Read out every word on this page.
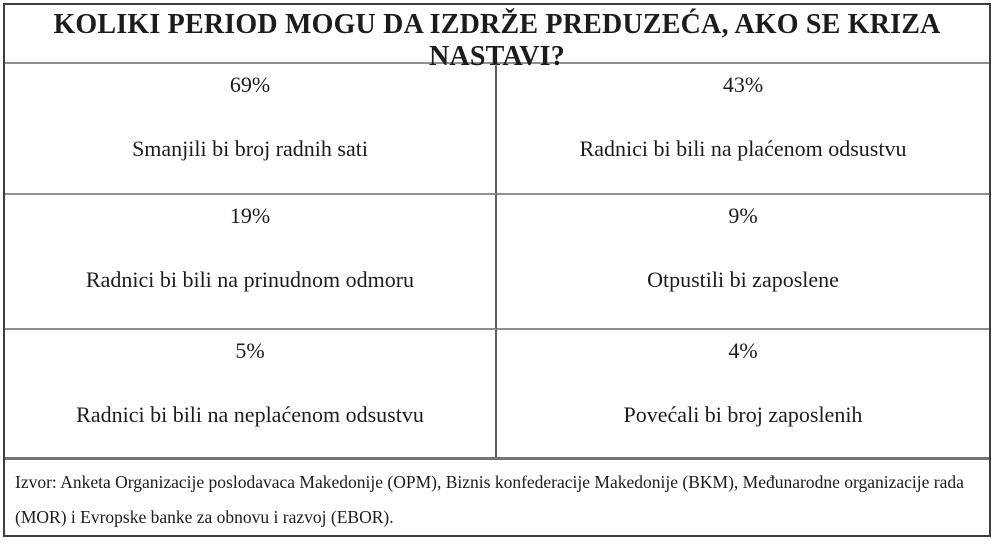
KOLIKI PERIOD MOGU DA IZDRŽE PREDUZEĆA, AKO SE KRIZA NASTAVI?
69%
Smanjili bi broj radnih sati
43%
Radnici bi bili na plaćenom odsustvu
19%
Radnici bi bili na prinudnom odmoru
9%
Otpustili bi zaposlene
5%
Radnici bi bili na neplaćenom odsustvu
4%
Povećali bi broj zaposlenih
Izvor: Anketa Organizacije poslodavaca Makedonije (OPM), Biznis konfederacije Makedonije (BKM), Međunarodne organizacije rada (MOR) i Evropske banke za obnovu i razvoj (EBOR).
